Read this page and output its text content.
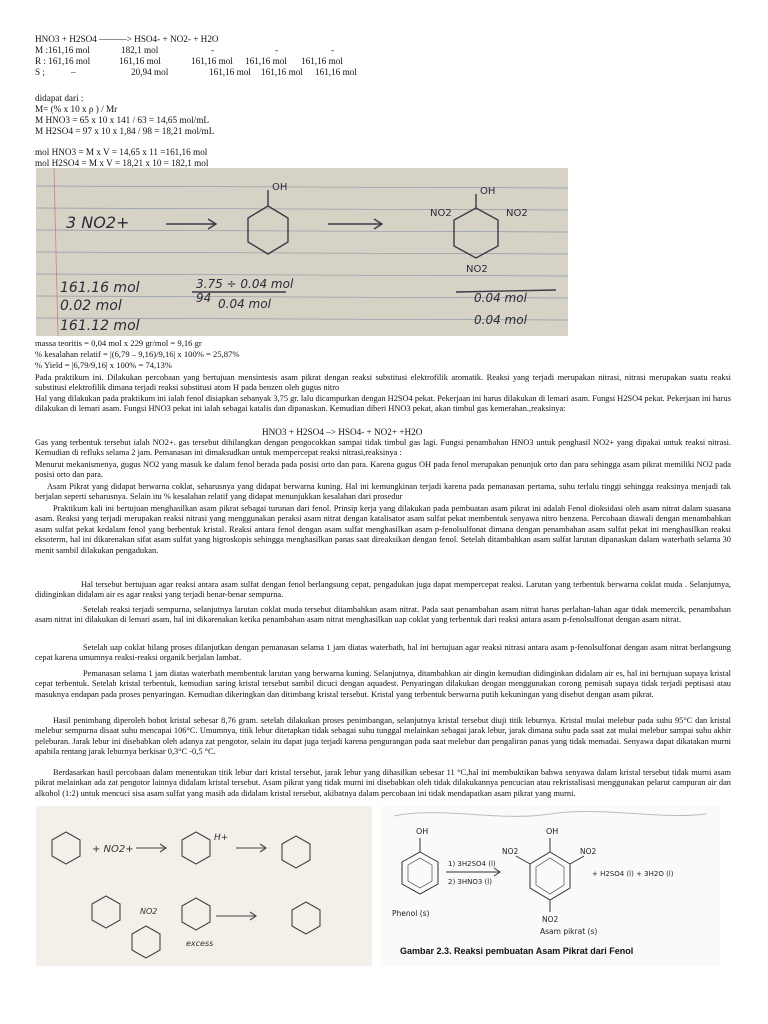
HNO3 + H2SO4 ———> HSO4- + NO2- + H2O
M :161,16 mol	182,1 mol	-	-	-
R : 161,16 mol	161,16 mol	161,16 mol 161,16 mol 161,16 mol
S ;	–	20,94 mol	161,16 mol 161,16 mol 161,16 mol
didapat dari :
M= (% x 10 x ρ ) / Mr
M HNO3 = 65 x 10 x 141 / 63 = 14,65 mol/mL
M H2SO4 = 97 x 10 x 1,84 / 98 = 18,21 mol/mL
mol HNO3 = M x V = 14,65 x 11 =161,16 mol
mol H2SO4 = M x V = 18,21 x 10 = 182,1 mol
3 NO2+
OH	OH
NO2	NO2
NO2
161.16 mol
0.02 mol
161.12 mol
3.75 ÷ 0.04 mol
94 0.04 mol	0.04 mol
0.04 mol
massa teoritis = 0,04 mol x 229 gr/mol = 9,16 gr
% kesalahan relatif = |(6,79 – 9,16)/9,16| x 100% = 25,87%
% Yield = |6,79/9,16| x 100% = 74,13%
Pada praktikum ini. Dilakukan percobaan yang bertujuan mensintesis asam pikrat dengan reaksi substitusi elektrofilik aromatik. Reaksi yang terjadi merupakan nitrasi, nitrasi merupakan suatu reaksi substitusi elektrofilik dimana terjadi reaksi substitusi atom H pada benzen oleh gugus nitro
Hal yang dilakukan pada praktikum ini ialah fenol disiapkan sebanyak 3,75 gr. lalu dicampurkan dengan H2SO4 pekat. Pekerjaan ini harus dilakukan di lemari asam. Fungsi H2SO4 pekat. Pekerjaan ini harus dilakukan di lemari asam. Fungsi HNO3 pekat ini ialah sebagai katalis dan dipanaskan. Kemudian diberi HNO3 pekat, akan timbul gas kemerahan.,reaksinya:
HNO3 + H2SO4 –> HSO4- + NO2+ +H2O
Gas yang terbentuk tersebut ialah NO2+. gas tersebut dihilangkan dengan pengocokkan sampai tidak timbul gas lagi. Fungsi penambahan HNO3 untuk penghasil NO2+ yang dipakai untuk reaksi nitrasi. Kemudian di refluks selama 2 jam. Pemanasan ini dimaksudkan untuk mempercepat reaksi nitrasi,reaksinya :
Menurut mekanismenya, gugus NO2 yang masuk ke dalam fenol berada pada posisi orto dan para. Karena gugus OH pada fenol merupakan penunjuk orto dan para sehingga asam pikrat memiliki NO2 pada posisi orto dan para.
Asam Pikrat yang didapat berwarna coklat, seharusnya yang didapat berwarna kuning. Hal ini kemungkinan terjadi karena pada pemanasan pertama, suhu terlalu tinggi sehingga reaksinya menjadi tak berjalan seperti seharusnya. Selain itu % kesalahan relatif yang didapat menunjukkan kesalahan dari prosedur
Praktikum kali ini bertujuan menghasilkan asam pikrat sebagai turunan dari fenol. Prinsip kerja yang dilakukan pada pembuatan asam pikrat ini adalah Fenol dioksidasi oleh asam nitrat dalam suasana asam. Reaksi yang terjadi merupakan reaksi nitrasi yang menggunakan peraksi asam nitrat dengan katalisator asam sulfat pekat membentuk senyawa nitro benzena. Percobaan diawali dengan menambahkan asam sulfat pekat kedalam fenol yang berbentuk kristal. Reaksi antara fenol dengan asam sulfat menghasilkan asam p-fenolsulfonat dimana dengan penambahan asam sulfat pekat ini menghasilkan reaksi eksoterm, hal ini dikarenakan sifat asam sulfat yang higroskopis sehingga menghasilkan panas saat direaksikan dengan fenol. Setelah ditambahkan asam sulfat larutan dipanaskan dalam waterbath selama 30 menit sambil dilakukan pengadukan.
Hal tersebut bertujuan agar reaksi antara asam sulfat dengan fenol berlangsung cepat, pengadukan juga dapat mempercepat reaksi. Larutan yang terbentuk berwarna coklat muda . Selanjutnya, didinginkan didalam air es agar reaksi yang terjadi benar-benar sempurna.
Setelah reaksi terjadi sempurna, selanjutnya larutan coklat muda tersebut ditambahkan asam nitrat. Pada saat penambahan asam nitrat harus perlahan-lahan agar tidak memercik, penambahan asam nitrat ini dilakukan di lemari asam, hal ini dikarenakan ketika penambahan asam nitrat menghasilkan uap coklat yang terbentuk dari reaksi antara asam p-fenolsulfonat dengan asam nitrat.
Setelah uap coklat hilang proses dilanjutkan dengan pemanasan selama 1 jam diatas waterbath, hal ini bertujuan agar reaksi nitrasi antara asam p-fenolsulfonat dengan asam nitrat berlangsung cepat karena umumnya reaksi-reaksi organik berjalan lambat.
Pemanasan selama 1 jam diatas waterbath membentuk larutan yang berwarna kuning. Selanjutnya, ditambahkan air dingin kemudian didinginkan didalam air es, hal ini bertujuan supaya kristal cepat terbentuk. Setelah kristal terbentuk, kemudian saring kristal tersebut sambil dicuci dengan aquadest. Penyaringan dilakukan dengan menggunakan corong pemisah supaya tidak terjadi peptisasi atau masuknya endapan pada proses penyaringan. Kemudian dikeringkan dan ditimbang kristal tersebut. Kristal yang terbentuk berwarna putih kekuningan yang disebut dengan asam pikrat.
Hasil penimbang diperoleh bobot kristal sebesar 8,76 gram. setelah dilakukan proses penimbangan, selanjutnya kristal tersebut diuji titik leburnya. Kristal mulai melebur pada suhu 95°C dan kristal melebur sempurna disaat suhu mencapai 106°C. Umumnya, titik lebur ditetapkan tidak sebagai suhu tunggal melainkan sebagai jarak lebur, jarak dimana suhu pada saat zat mulai melebur sampai suhu akhir peleburan. Jarak lebur ini disebabkan oleh adanya zat pengotor, selain itu dapat juga terjadi karena pengurangan pada saat melebur dan pengaliran panas yang tidak memadai. Senyawa dapat dikatakan murni apabila rentang jarak leburnya berkisar 0,3°C -0,5 °C.
Berdasarkan hasil percobaan dalam menentukan titik lebur dari kristal tersebut, jarak lebur yang dihasilkan sebesar 11 °C,hal ini membuktikan bahwa senyawa dalam kristal tersebut tidak murni asam pikrat melainkan ada zat pengotor lainnya didalam kristal tersebut. Asam pikrat yang tidak murni ini disebabkan oleh tidak dilakukannya pencucian atau rekristalisasi menggunakan pelarut campuran air dan alkohol (1:2) untuk mencuci sisa asam sulfat yang masih ada didalam kristal tersebut, akibatnya dalam percobaan ini tidak mendapatkan asam pikrat yang murni.
+ NO2+
H+
NO2
excess
OH
Phenol (s)
1) 3H2SO4 (l)
2) 3HNO3 (l)
OH
NO2	NO2
NO2
Asam pikrat (s)
+ H2SO4 (l) + 3H2O (l)
Gambar 2.3. Reaksi pembuatan Asam Pikrat dari Fenol
